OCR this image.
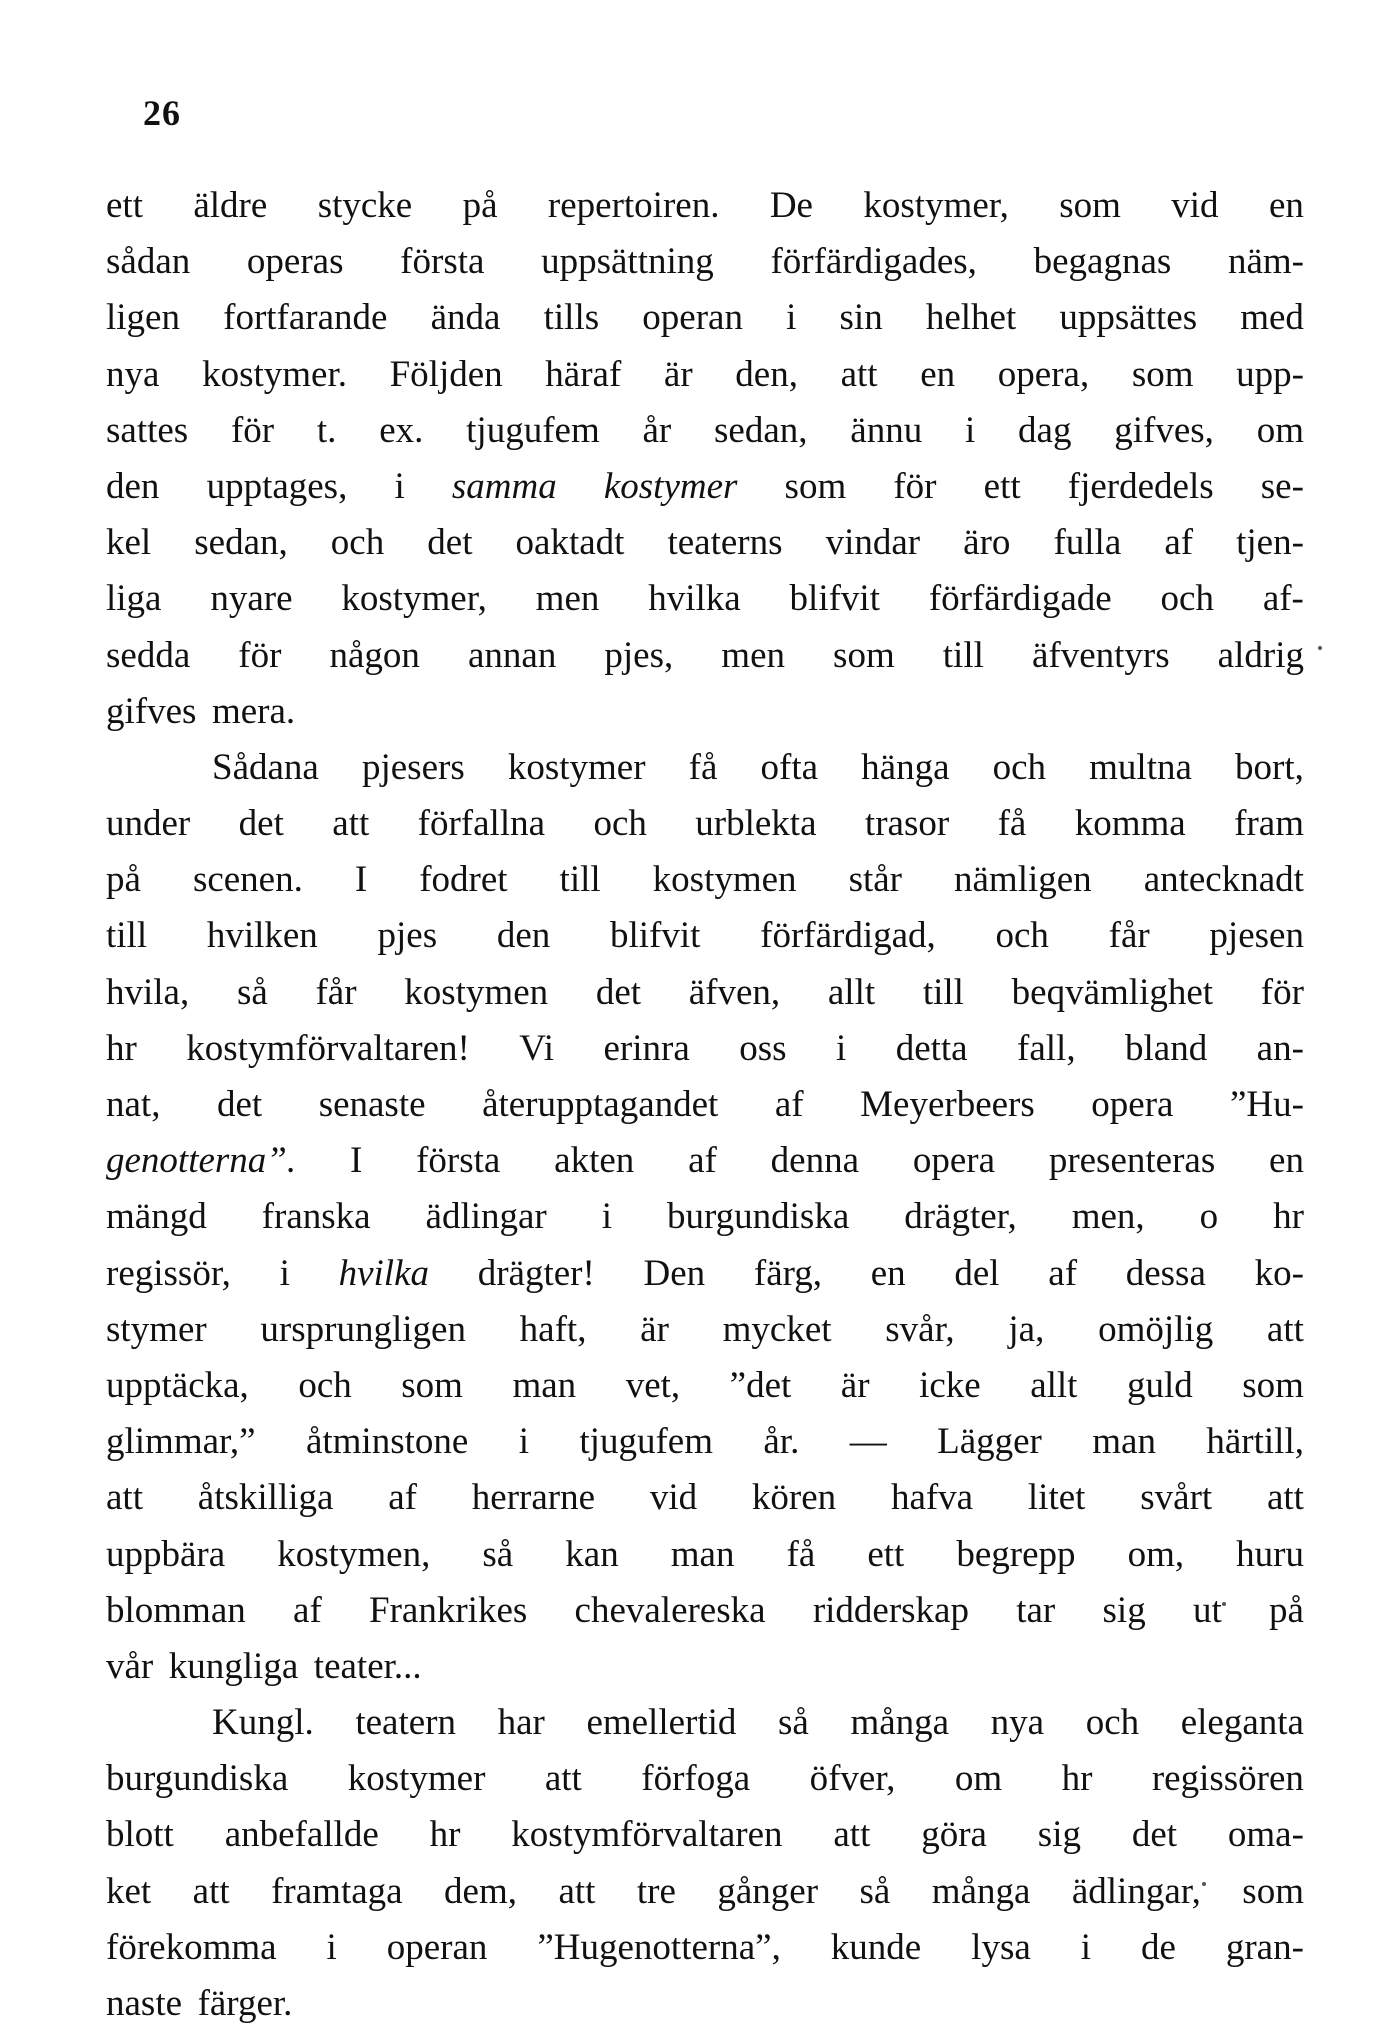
26
ett äldre stycke på repertoiren. De kostymer, som vid en
sådan operas första uppsättning förfärdigades, begagnas näm-
ligen fortfarande ända tills operan i sin helhet uppsättes med
nya kostymer. Följden häraf är den, att en opera, som upp-
sattes för t. ex. tjugufem år sedan, ännu i dag gifves, om
den upptages, i samma kostymer som för ett fjerdedels se-
kel sedan, och det oaktadt teaterns vindar äro fulla af tjen-
liga nyare kostymer, men hvilka blifvit förfärdigade och af-
sedda för någon annan pjes, men som till äfventyrs aldrig
gifves mera.
Sådana pjesers kostymer få ofta hänga och multna bort,
under det att förfallna och urblekta trasor få komma fram
på scenen. I fodret till kostymen står nämligen antecknadt
till hvilken pjes den blifvit förfärdigad, och får pjesen
hvila, så får kostymen det äfven, allt till beqvämlighet för
hr kostymförvaltaren! Vi erinra oss i detta fall, bland an-
nat, det senaste återupptagandet af Meyerbeers opera ”Hu-
genotterna”. I första akten af denna opera presenteras en
mängd franska ädlingar i burgundiska drägter, men, o hr
regissör, i hvilka drägter! Den färg, en del af dessa ko-
stymer ursprungligen haft, är mycket svår, ja, omöjlig att
upptäcka, och som man vet, ”det är icke allt guld som
glimmar,” åtminstone i tjugufem år. — Lägger man härtill,
att åtskilliga af herrarne vid kören hafva litet svårt att
uppbära kostymen, så kan man få ett begrepp om, huru
blomman af Frankrikes chevalereska ridderskap tar sig ut på
vår kungliga teater...
Kungl. teatern har emellertid så många nya och eleganta
burgundiska kostymer att förfoga öfver, om hr regissören
blott anbefallde hr kostymförvaltaren att göra sig det oma-
ket att framtaga dem, att tre gånger så många ädlingar, som
förekomma i operan ”Hugenotterna”, kunde lysa i de gran-
naste färger.
